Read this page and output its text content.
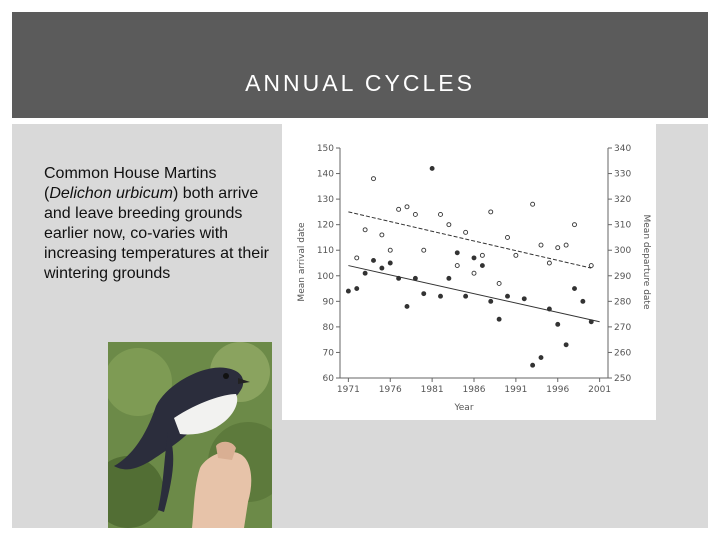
ANNUAL CYCLES
Common House Martins (Delichon urbicum) both arrive and leave breeding grounds earlier now, co-varies with increasing temperatures at their wintering grounds
60
70
80
90
100
110
120
130
140
150
250
260
270
280
290
300
310
320
330
340
1971 1976 1981 1986 1991 1996 2001
Year
Mean arrival date	Mean departure date
